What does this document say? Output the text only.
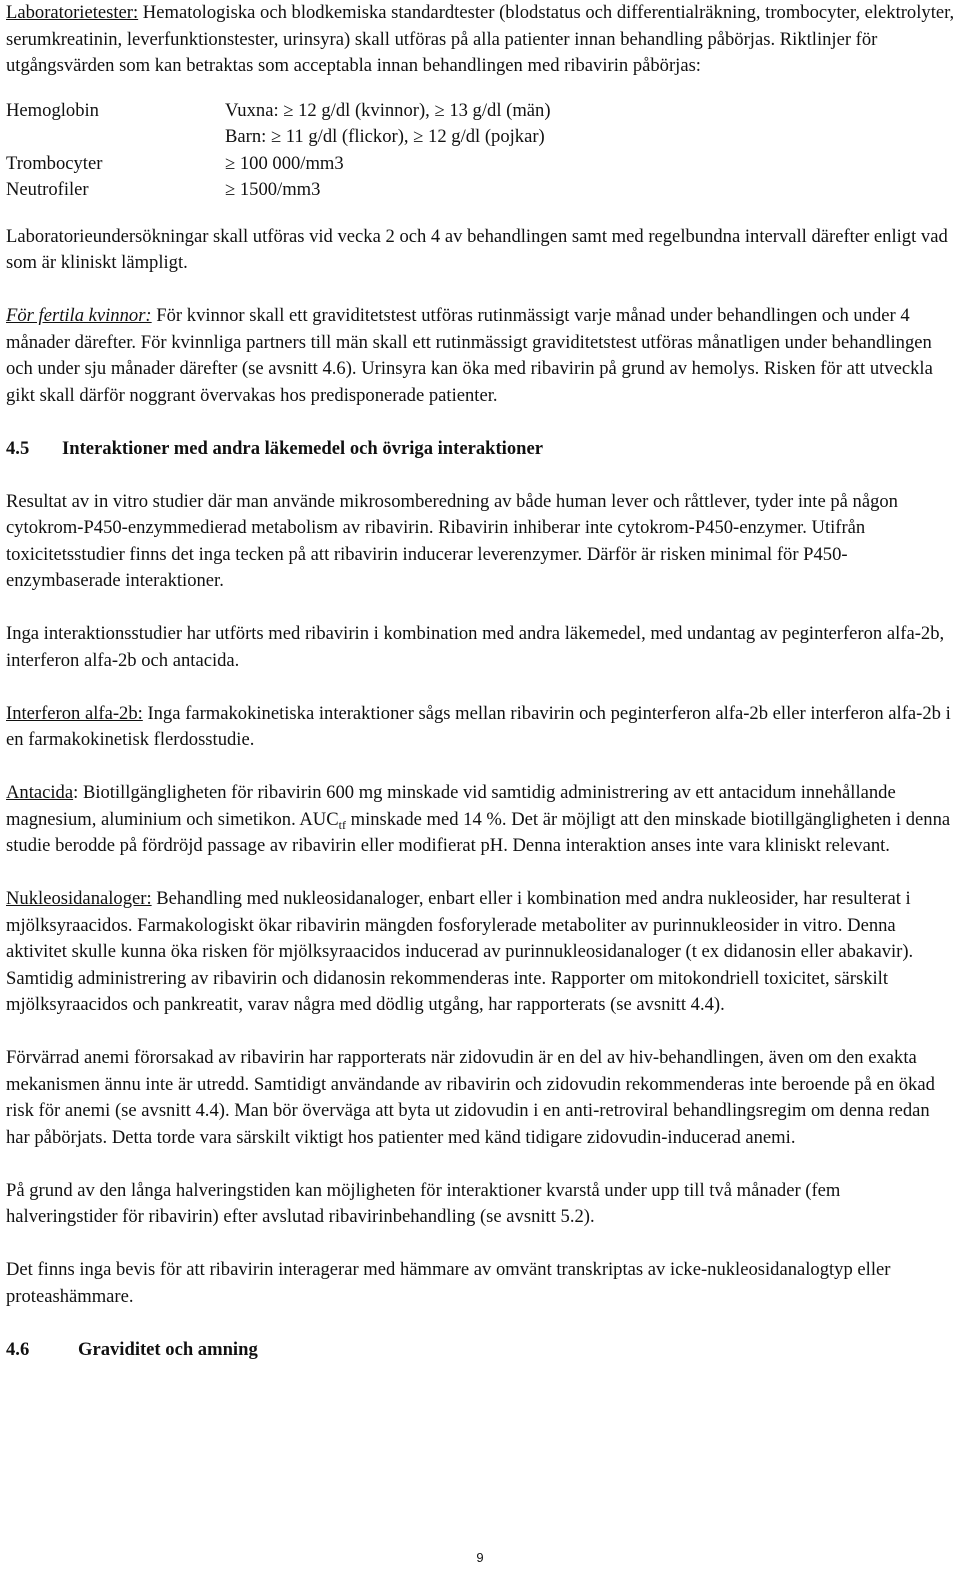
Laboratorietester: Hematologiska och blodkemiska standardtester (blodstatus och differentialräkning, trombocyter, elektrolyter, serumkreatinin, leverfunktionstester, urinsyra) skall utföras på alla patienter innan behandling påbörjas. Riktlinjer för utgångsvärden som kan betraktas som acceptabla innan behandlingen med ribavirin påbörjas:

Hemoglobin	Vuxna: ≥ 12 g/dl (kvinnor), ≥ 13 g/dl (män)
Barn: ≥ 11 g/dl (flickor), ≥ 12 g/dl (pojkar)
Trombocyter	≥ 100 000/mm3
Neutrofiler	≥ 1500/mm3

Laboratorieundersökningar skall utföras vid vecka 2 och 4 av behandlingen samt med regelbundna intervall därefter enligt vad som är kliniskt lämpligt.

För fertila kvinnor: För kvinnor skall ett graviditetstest utföras rutinmässigt varje månad under behandlingen och under 4 månader därefter. För kvinnliga partners till män skall ett rutinmässigt graviditetstest utföras månatligen under behandlingen och under sju månader därefter (se avsnitt 4.6). Urinsyra kan öka med ribavirin på grund av hemolys. Risken för att utveckla gikt skall därför noggrant övervakas hos predisponerade patienter.

4.5	Interaktioner med andra läkemedel och övriga interaktioner

Resultat av in vitro studier där man använde mikrosomberedning av både human lever och råttlever, tyder inte på någon cytokrom-P450-enzymmedierad metabolism av ribavirin. Ribavirin inhiberar inte cytokrom-P450-enzymer. Utifrån toxicitetsstudier finns det inga tecken på att ribavirin inducerar leverenzymer. Därför är risken minimal för P450-enzymbaserade interaktioner.

Inga interaktionsstudier har utförts med ribavirin i kombination med andra läkemedel, med undantag av peginterferon alfa-2b, interferon alfa-2b och antacida.

Interferon alfa-2b: Inga farmakokinetiska interaktioner sågs mellan ribavirin och peginterferon alfa-2b eller interferon alfa-2b i en farmakokinetisk flerdosstudie.

Antacida: Biotillgängligheten för ribavirin 600 mg minskade vid samtidig administrering av ett antacidum innehållande magnesium, aluminium och simetikon. $AUC_{tf}$ minskade med 14 %. Det är möjligt att den minskade biotillgängligheten i denna studie berodde på fördröjd passage av ribavirin eller modifierat pH. Denna interaktion anses inte vara kliniskt relevant.

Nukleosidanaloger: Behandling med nukleosidanaloger, enbart eller i kombination med andra nukleosider, har resulterat i mjölksyraacidos. Farmakologiskt ökar ribavirin mängden fosforylerade metaboliter av purinnukleosider in vitro. Denna aktivitet skulle kunna öka risken för mjölksyraacidos inducerad av purinnukleosidanaloger (t ex didanosin eller abakavir). Samtidig administrering av ribavirin och didanosin rekommenderas inte. Rapporter om mitokondriell toxicitet, särskilt mjölksyraacidos och pankreatit, varav några med dödlig utgång, har rapporterats (se avsnitt 4.4).

Förvärrad anemi förorsakad av ribavirin har rapporterats när zidovudin är en del av hiv-behandlingen, även om den exakta mekanismen ännu inte är utredd. Samtidigt användande av ribavirin och zidovudin rekommenderas inte beroende på en ökad risk för anemi (se avsnitt 4.4). Man bör överväga att byta ut zidovudin i en anti-retroviral behandlingsregim om denna redan har påbörjats. Detta torde vara särskilt viktigt hos patienter med känd tidigare zidovudin-inducerad anemi.

På grund av den långa halveringstiden kan möjligheten för interaktioner kvarstå under upp till två månader (fem halveringstider för ribavirin) efter avslutad ribavirinbehandling (se avsnitt 5.2).

Det finns inga bevis för att ribavirin interagerar med hämmare av omvänt transkriptas av icke-nukleosidanalogtyp eller proteashämmare.

4.6	Graviditet och amning
9
